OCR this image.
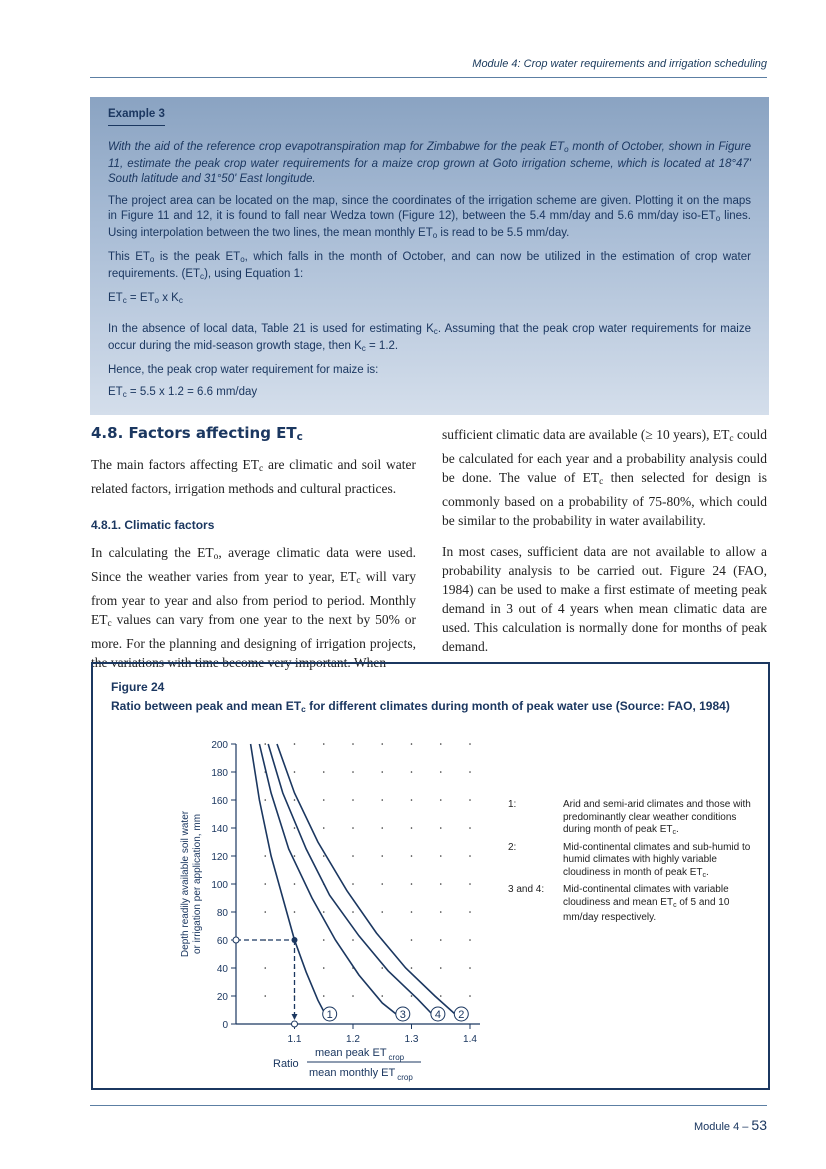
Module 4: Crop water requirements and irrigation scheduling
Example 3

With the aid of the reference crop evapotranspiration map for Zimbabwe for the peak $ET_o$ month of October, shown in Figure 11, estimate the peak crop water requirements for a maize crop grown at Goto irrigation scheme, which is located at 18°47' South latitude and 31°50' East longitude.

The project area can be located on the map, since the coordinates of the irrigation scheme are given. Plotting it on the maps in Figure 11 and 12, it is found to fall near Wedza town (Figure 12), between the 5.4 mm/day and 5.6 mm/day iso-$ET_o$ lines. Using interpolation between the two lines, the mean monthly $ET_o$ is read to be 5.5 mm/day.

This $ET_o$ is the peak $ET_o$, which falls in the month of October, and can now be utilized in the estimation of crop water requirements. $(ET_c)$, using Equation 1:

$ET_c = ET_o$ x $K_c$

In the absence of local data, Table 21 is used for estimating $K_c$. Assuming that the peak crop water requirements for maize occur during the mid-season growth stage, then $K_c = 1.2$.

Hence, the peak crop water requirement for maize is:

$ET_c = 5.5$ x 1.2 = 6.6 mm/day

4.8. Factors affecting $ET_c$

The main factors affecting $ET_c$ are climatic and soil water related factors, irrigation methods and cultural practices.

4.8.1. Climatic factors

In calculating the $ET_o$, average climatic data were used. Since the weather varies from year to year, $ET_c$ will vary from year to year and also from period to period. Monthly $ET_c$ values can vary from one year to the next by 50% or more. For the planning and designing of irrigation projects, the variations with time become very important. When

sufficient climatic data are available (≥ 10 years), $ET_c$ could be calculated for each year and a probability analysis could be done. The value of $ET_c$ then selected for design is commonly based on a probability of 75-80%, which could be similar to the probability in water availability.

In most cases, sufficient data are not available to allow a probability analysis to be carried out. Figure 24 (FAO, 1984) can be used to make a first estimate of meeting peak demand in 3 out of 4 years when mean climatic data are used. This calculation is normally done for months of peak demand.

Figure 24
Ratio between peak and mean $ET_c$ for different climates during month of peak water use (Source: FAO, 1984)
1	3	4 2
0
20
40
60
80
100
120
140
160
180
200
1.1	1.2	1.3	1.4
Depth readily available soil water or irrigation per application, mm
Ratio
mean peak ET $_{crop}$
mean monthly ET $_{crop}$
1:	Arid and semi-arid climates and those with predominantly clear weather conditions during month of peak $ET_c$.
2:	Mid-continental climates and sub-humid to humid climates with highly variable cloudiness in month of peak $ET_c$.
3 and 4:	Mid-continental climates with variable cloudiness and mean $ET_c$ of 5 and 10 mm/day respectively.
Module 4 – 53
